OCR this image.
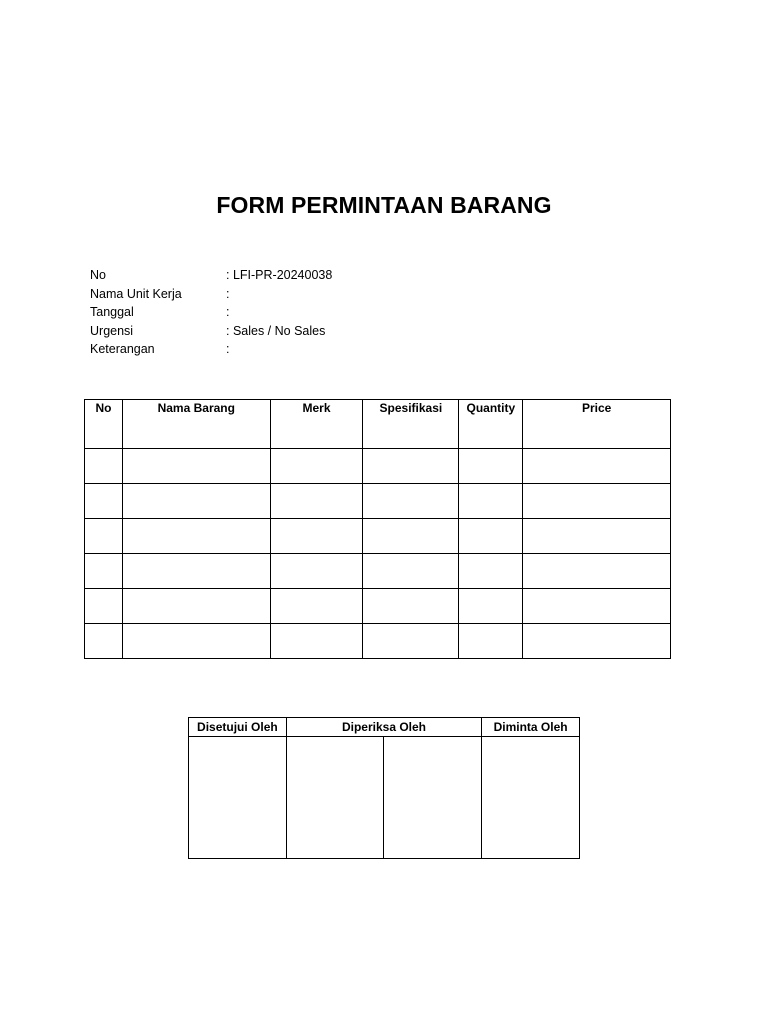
FORM PERMINTAAN BARANG
No	: LFI-PR-20240038
Nama Unit Kerja	:
Tanggal	:
Urgensi	: Sales / No Sales
Keterangan	:
No	Nama Barang	Merk	Spesifikasi	Quantity	Price

Disetujui Oleh	Diperiksa Oleh		Diminta Oleh
